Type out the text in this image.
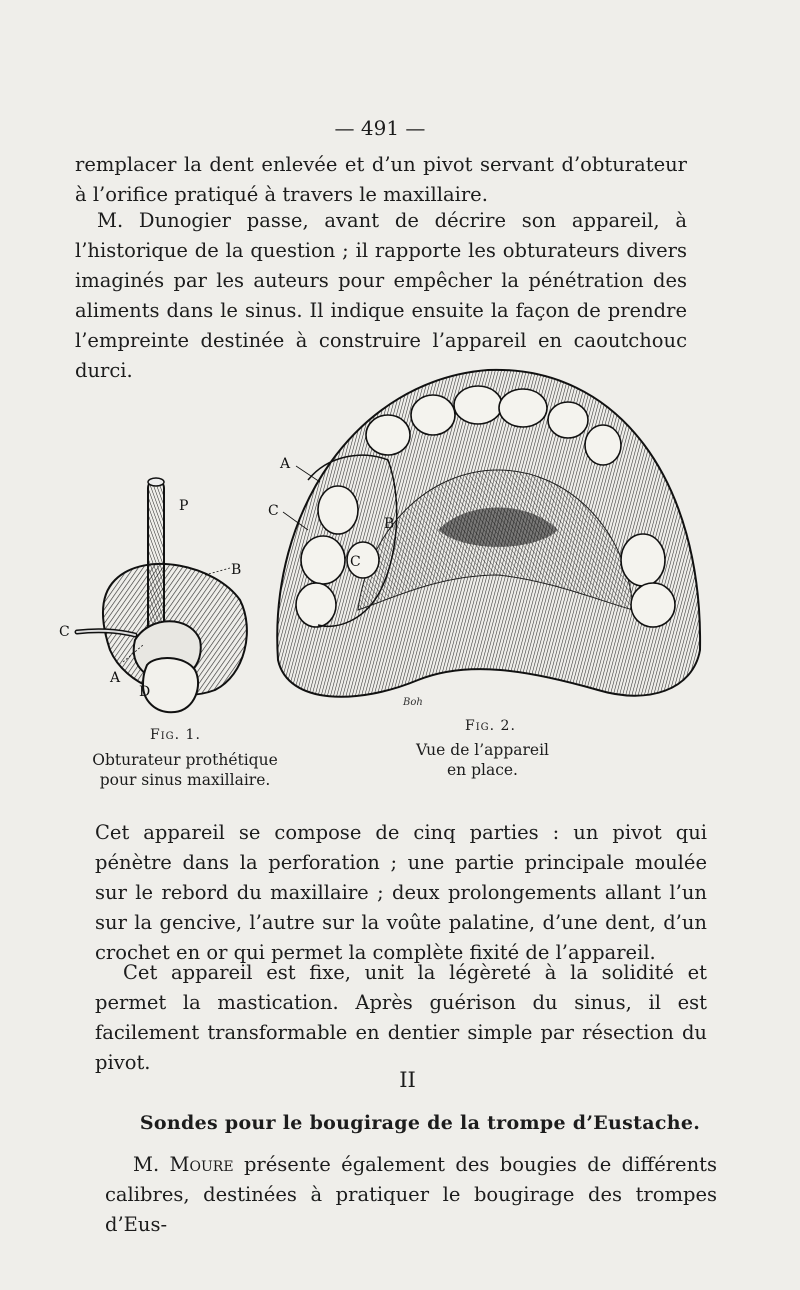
— 491 —
remplacer la dent enlevée et d’un pivot servant d’obturateur à l’orifice pratiqué à travers le maxillaire.
M. Dunogier passe, avant de décrire son appareil, à l’historique de la question ; il rapporte les obturateurs divers imaginés par les auteurs pour empêcher la pénétration des aliments dans le sinus. Il indique ensuite la façon de prendre l’empreinte destinée à construire l’appareil en caoutchouc durci.
P
B
C
A
D
A
C
B
C
Boh
Fig. 1.
Fig. 2.
Obturateur prothétique
pour sinus maxillaire.
Vue de l’appareil
en place.
Cet appareil se compose de cinq parties : un pivot qui pénètre dans la perforation ; une partie principale moulée sur le rebord du maxillaire ; deux prolongements allant l’un sur la gencive, l’autre sur la voûte palatine, d’une dent, d’un crochet en or qui permet la complète fixité de l’appareil.
Cet appareil est fixe, unit la légèreté à la solidité et permet la mastication. Après guérison du sinus, il est facilement transformable en dentier simple par résection du pivot.
II
Sondes pour le bougirage de la trompe d’Eustache.
M. Moure présente également des bougies de différents calibres, destinées à pratiquer le bougirage des trompes d’Eus-
